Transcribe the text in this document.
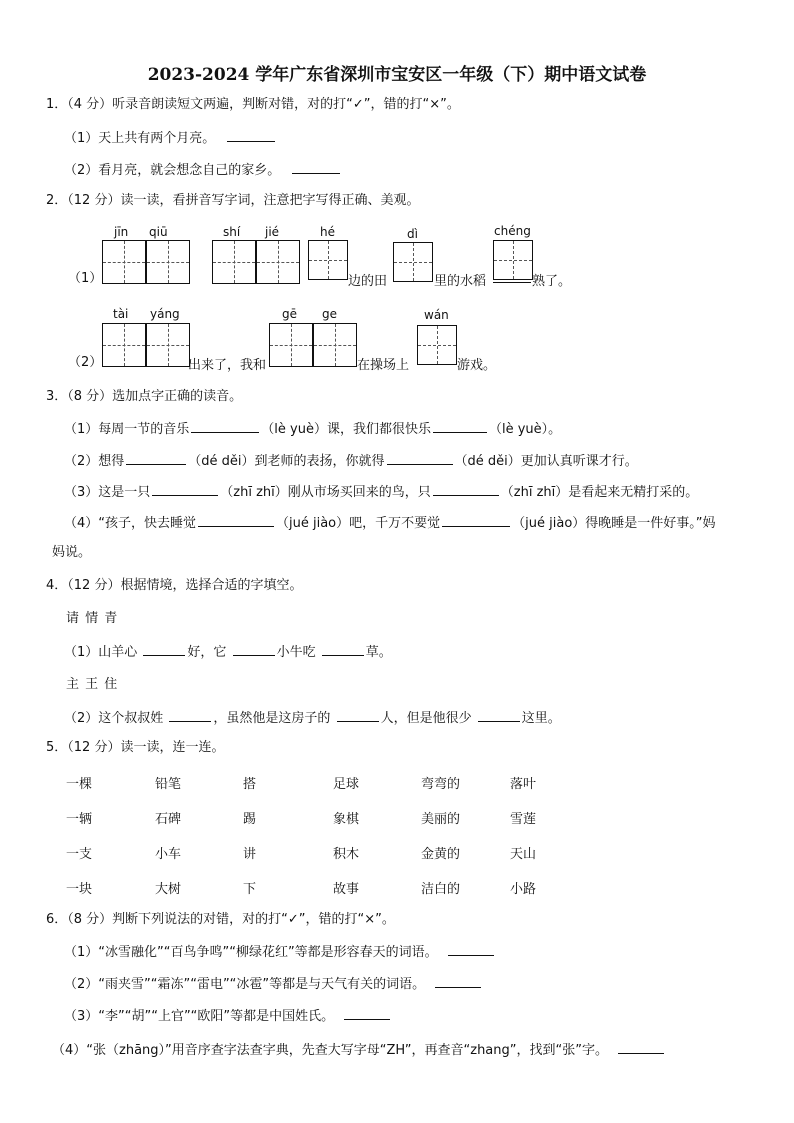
2023-2024 学年广东省深圳市宝安区一年级（下）期中语文试卷
1．（4 分）听录音朗读短文两遍，判断对错，对的打“✓”，错的打“×”。
（1）天上共有两个月亮。
（2）看月亮，就会想念自己的家乡。
2．（12 分）读一读，看拼音写字词，注意把字写得正确、美观。
jīn qiū	shí jié	hé	dì	chéng
（1）	边的田	里的水稻	熟了。
tài yáng	gē ge	wán
（2）	出来了，我和	在操场上	游戏。
3．（8 分）选加点字正确的读音。
（1）每周一节的音乐	（lè yuè）课，我们都很快乐	（lè yuè）。
（2）想得	（dé děi）到老师的表扬，你就得	（dé děi）更加认真听课才行。
（3）这是一只	（zhī zhī）刚从市场买回来的鸟，只	（zhī zhī）是看起来无精打采的。
（4）“孩子，快去睡觉	（jué jiào）吧，千万不要觉	（jué jiào）得晚睡是一件好事。”妈
妈说。
4．（12 分）根据情境，选择合适的字填空。
请 情 青
（1）山羊心	好，它	小牛吃	草。
主 王 住
（2）这个叔叔姓	，虽然他是这房子的	人，但是他很少	这里。
5．（12 分）读一读，连一连。
一棵	铅笔	搭	足球	弯弯的	落叶
一辆	石碑	踢	象棋	美丽的	雪莲
一支	小车	讲	积木	金黄的	天山
一块	大树	下	故事	洁白的	小路
6．（8 分）判断下列说法的对错，对的打“✓”，错的打“×”。
（1）“冰雪融化”“百鸟争鸣”“柳绿花红”等都是形容春天的词语。
（2）“雨夹雪”“霜冻”“雷电”“冰雹”等都是与天气有关的词语。
（3）“李”“胡”“上官”“欧阳”等都是中国姓氏。
（4）“张（zhāng）”用音序查字法查字典，先查大写字母“ZH”，再查音“zhang”，找到“张”字。
